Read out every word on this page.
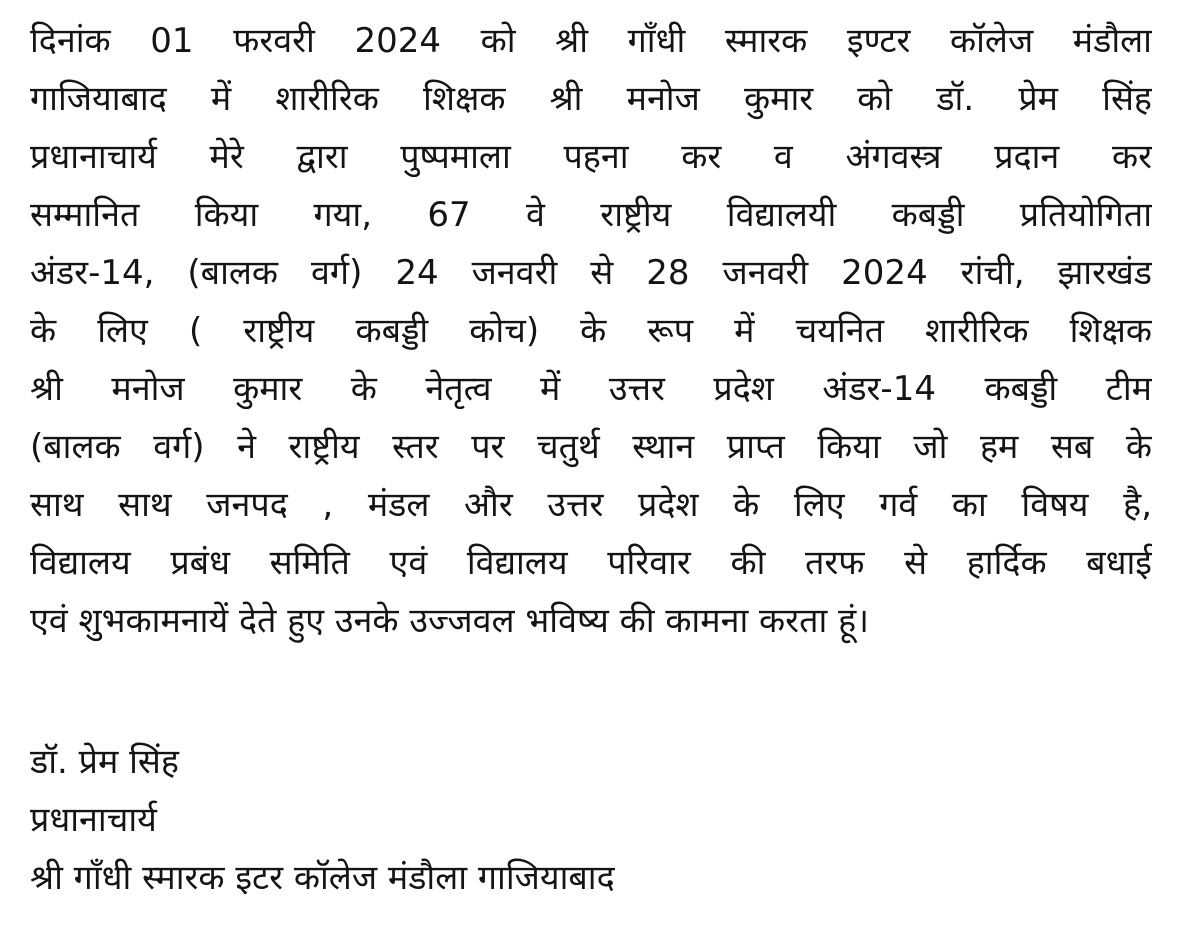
दिनांक 01 फरवरी 2024 को श्री गाँधी स्मारक इण्टर कॉलेज मंडौला
गाजियाबाद में शारीरिक शिक्षक श्री मनोज कुमार को डॉ. प्रेम सिंह
प्रधानाचार्य मेरे द्वारा पुष्पमाला पहना कर व अंगवस्त्र प्रदान कर
सम्मानित किया गया, 67 वे राष्ट्रीय विद्यालयी कबड्डी प्रतियोगिता
अंडर-14, (बालक वर्ग) 24 जनवरी से 28 जनवरी 2024 रांची, झारखंड
के लिए ( राष्ट्रीय कबड्डी कोच) के रूप में चयनित शारीरिक शिक्षक
श्री मनोज कुमार के नेतृत्व में उत्तर प्रदेश अंडर-14 कबड्डी टीम
(बालक वर्ग) ने राष्ट्रीय स्तर पर चतुर्थ स्थान प्राप्त किया जो हम सब के
साथ साथ जनपद , मंडल और उत्तर प्रदेश के लिए गर्व का विषय है,
विद्यालय प्रबंध समिति एवं विद्यालय परिवार की तरफ से हार्दिक बधाई
एवं शुभकामनायें देते हुए उनके उज्जवल भविष्य की कामना करता हूं।
डॉ. प्रेम सिंह
प्रधानाचार्य
श्री गाँधी स्मारक इटर कॉलेज मंडौला गाजियाबाद
